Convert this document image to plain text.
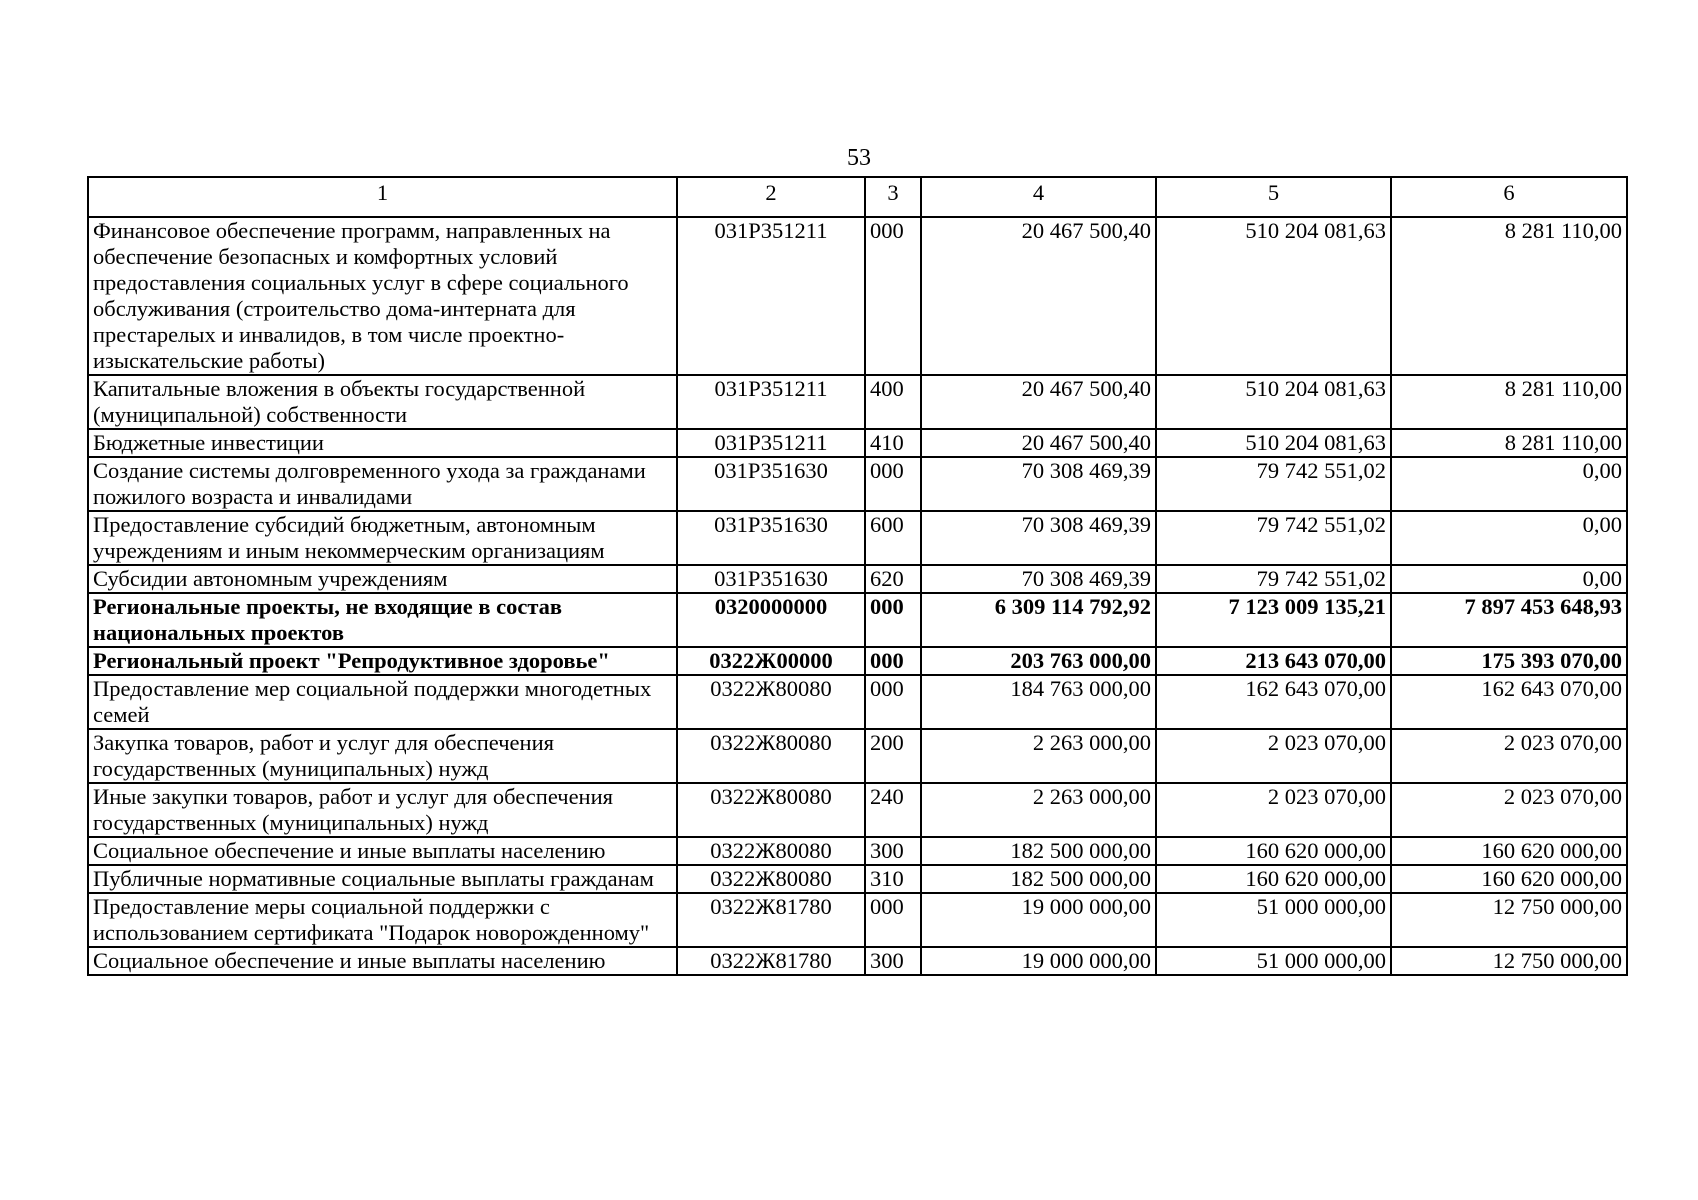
53
1	2	3	4	5	6
Финансовое обеспечение программ, направленных на обеспечение безопасных и комфортных условий предоставления социальных услуг в сфере социального обслуживания (строительство дома-интерната для престарелых и инвалидов, в том числе проектно-изыскательские работы)	031Р351211	000	20 467 500,40	510 204 081,63	8 281 110,00
Капитальные вложения в объекты государственной (муниципальной) собственности	031Р351211	400	20 467 500,40	510 204 081,63	8 281 110,00
Бюджетные инвестиции	031Р351211	410	20 467 500,40	510 204 081,63	8 281 110,00
Создание системы долговременного ухода за гражданами пожилого возраста и инвалидами	031Р351630	000	70 308 469,39	79 742 551,02	0,00
Предоставление субсидий бюджетным, автономным учреждениям и иным некоммерческим организациям	031Р351630	600	70 308 469,39	79 742 551,02	0,00
Субсидии автономным учреждениям	031Р351630	620	70 308 469,39	79 742 551,02	0,00
Региональные проекты, не входящие в состав национальных проектов	0320000000	000	6 309 114 792,92	7 123 009 135,21	7 897 453 648,93
Региональный проект "Репродуктивное здоровье"	0322Ж00000	000	203 763 000,00	213 643 070,00	175 393 070,00
Предоставление мер социальной поддержки многодетных семей	0322Ж80080	000	184 763 000,00	162 643 070,00	162 643 070,00
Закупка товаров, работ и услуг для обеспечения государственных (муниципальных) нужд	0322Ж80080	200	2 263 000,00	2 023 070,00	2 023 070,00
Иные закупки товаров, работ и услуг для обеспечения государственных (муниципальных) нужд	0322Ж80080	240	2 263 000,00	2 023 070,00	2 023 070,00
Социальное обеспечение и иные выплаты населению	0322Ж80080	300	182 500 000,00	160 620 000,00	160 620 000,00
Публичные нормативные социальные выплаты гражданам	0322Ж80080	310	182 500 000,00	160 620 000,00	160 620 000,00
Предоставление меры социальной поддержки с использованием сертификата "Подарок новорожденному"	0322Ж81780	000	19 000 000,00	51 000 000,00	12 750 000,00
Социальное обеспечение и иные выплаты населению	0322Ж81780	300	19 000 000,00	51 000 000,00	12 750 000,00
